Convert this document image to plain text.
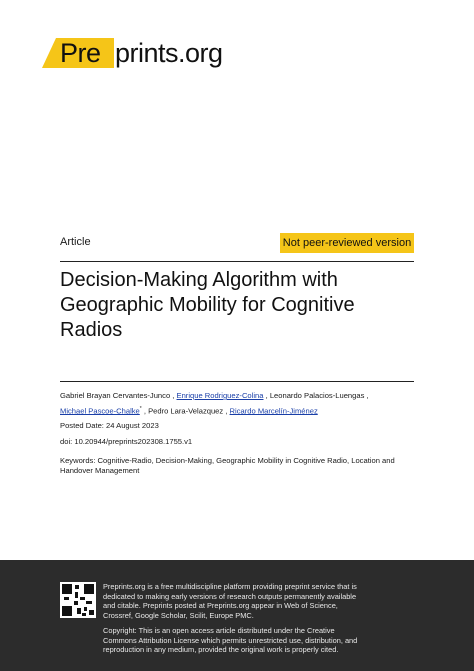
Pre prints.org
Article	Not peer-reviewed version
Decision-Making Algorithm with Geographic Mobility for Cognitive Radios
Gabriel Brayan Cervantes-Junco , Enrique Rodriguez-Colina , Leonardo Palacios-Luengas ,
Michael Pascoe-Chalke* , Pedro Lara-Velazquez , Ricardo Marcelín-Jiménez
Posted Date: 24 August 2023
doi: 10.20944/preprints202308.1755.v1
Keywords: Cognitive-Radio, Decision-Making, Geographic Mobility in Cognitive Radio, Location and Handover Management

Preprints.org is a free multidiscipline platform providing preprint service that is dedicated to making early versions of research outputs permanently available and citable. Preprints posted at Preprints.org appear in Web of Science, Crossref, Google Scholar, Scilit, Europe PMC.

Copyright: This is an open access article distributed under the Creative Commons Attribution License which permits unrestricted use, distribution, and reproduction in any medium, provided the original work is properly cited.
